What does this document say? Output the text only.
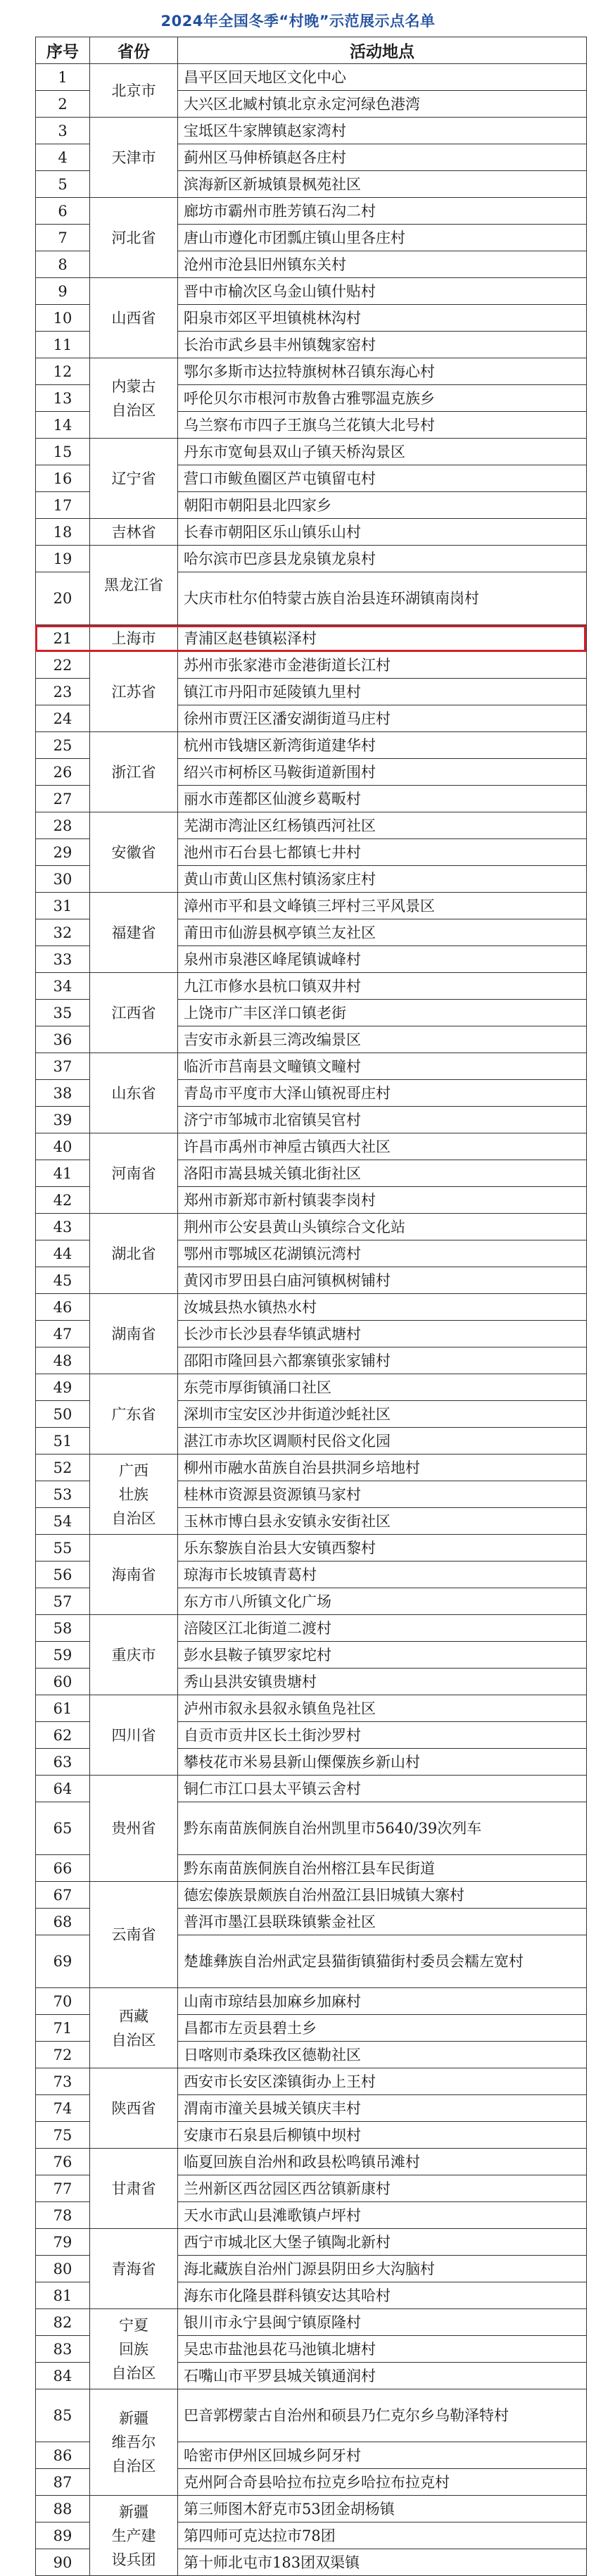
2024年全国冬季“村晚”示范展示点名单
序号	省份	活动地点
1	北京市	昌平区回天地区文化中心
2		大兴区北臧村镇北京永定河绿色港湾
3	天津市	宝坻区牛家牌镇赵家湾村
4		蓟州区马伸桥镇赵各庄村
5		滨海新区新城镇景枫苑社区
6	河北省	廊坊市霸州市胜芳镇石沟二村
7		唐山市遵化市团瓢庄镇山里各庄村
8		沧州市沧县旧州镇东关村
9	山西省	晋中市榆次区乌金山镇什贴村
10		阳泉市郊区平坦镇桃林沟村
11		长治市武乡县丰州镇魏家窑村
12	内蒙古
自治区	鄂尔多斯市达拉特旗树林召镇东海心村
13		呼伦贝尔市根河市敖鲁古雅鄂温克族乡
14		乌兰察布市四子王旗乌兰花镇大北号村
15	辽宁省	丹东市宽甸县双山子镇天桥沟景区
16		营口市鲅鱼圈区芦屯镇留屯村
17		朝阳市朝阳县北四家乡
18	吉林省	长春市朝阳区乐山镇乐山村
19	黑龙江省	哈尔滨市巴彦县龙泉镇龙泉村
20		大庆市杜尔伯特蒙古族自治县连环湖镇南岗村
21	上海市	青浦区赵巷镇崧泽村
22	江苏省	苏州市张家港市金港街道长江村
23		镇江市丹阳市延陵镇九里村
24		徐州市贾汪区潘安湖街道马庄村
25	浙江省	杭州市钱塘区新湾街道建华村
26		绍兴市柯桥区马鞍街道新围村
27		丽水市莲都区仙渡乡葛畈村
28	安徽省	芜湖市湾沚区红杨镇西河社区
29		池州市石台县七都镇七井村
30		黄山市黄山区焦村镇汤家庄村
31	福建省	漳州市平和县文峰镇三坪村三平风景区
32		莆田市仙游县枫亭镇兰友社区
33		泉州市泉港区峰尾镇诚峰村
34	江西省	九江市修水县杭口镇双井村
35		上饶市广丰区洋口镇老街
36		吉安市永新县三湾改编景区
37	山东省	临沂市莒南县文疃镇文疃村
38		青岛市平度市大泽山镇祝哥庄村
39		济宁市邹城市北宿镇吴官村
40	河南省	许昌市禹州市神垕古镇西大社区
41		洛阳市嵩县城关镇北街社区
42		郑州市新郑市新村镇裴李岗村
43	湖北省	荆州市公安县黄山头镇综合文化站
44		鄂州市鄂城区花湖镇沅湾村
45		黄冈市罗田县白庙河镇枫树铺村
46	湖南省	汝城县热水镇热水村
47		长沙市长沙县春华镇武塘村
48		邵阳市隆回县六都寨镇张家铺村
49	广东省	东莞市厚街镇涌口社区
50		深圳市宝安区沙井街道沙蚝社区
51		湛江市赤坎区调顺村民俗文化园
52	广西
壮族
自治区	柳州市融水苗族自治县拱洞乡培地村
53		桂林市资源县资源镇马家村
54		玉林市博白县永安镇永安街社区
55	海南省	乐东黎族自治县大安镇西黎村
56		琼海市长坡镇青葛村
57		东方市八所镇文化广场
58	重庆市	涪陵区江北街道二渡村
59		彭水县鞍子镇罗家坨村
60		秀山县洪安镇贵塘村
61	四川省	泸州市叙永县叙永镇鱼凫社区
62		自贡市贡井区长土街沙罗村
63		攀枝花市米易县新山傈僳族乡新山村
64	贵州省	铜仁市江口县太平镇云舍村
65		黔东南苗族侗族自治州凯里市5640/39次列车
66		黔东南苗族侗族自治州榕江县车民街道
67	云南省	德宏傣族景颇族自治州盈江县旧城镇大寨村
68		普洱市墨江县联珠镇紫金社区
69		楚雄彝族自治州武定县猫街镇猫街村委员会糯左宽村
70	西藏
自治区	山南市琼结县加麻乡加麻村
71		昌都市左贡县碧土乡
72		日喀则市桑珠孜区德勒社区
73	陕西省	西安市长安区滦镇街办上王村
74		渭南市潼关县城关镇庆丰村
75		安康市石泉县后柳镇中坝村
76	甘肃省	临夏回族自治州和政县松鸣镇吊滩村
77		兰州新区西岔园区西岔镇新康村
78		天水市武山县滩歌镇卢坪村
79	青海省	西宁市城北区大堡子镇陶北新村
80		海北藏族自治州门源县阴田乡大沟脑村
81		海东市化隆县群科镇安达其哈村
82	宁夏
回族
自治区	银川市永宁县闽宁镇原隆村
83		吴忠市盐池县花马池镇北塘村
84		石嘴山市平罗县城关镇通润村
85	新疆
维吾尔
自治区	巴音郭楞蒙古自治州和硕县乃仁克尔乡乌勒泽特村
86		哈密市伊州区回城乡阿牙村
87		克州阿合奇县哈拉布拉克乡哈拉布拉克村
88	新疆
生产建
设兵团	第三师图木舒克市53团金胡杨镇
89		第四师可克达拉市78团
90		第十师北屯市183团双渠镇
